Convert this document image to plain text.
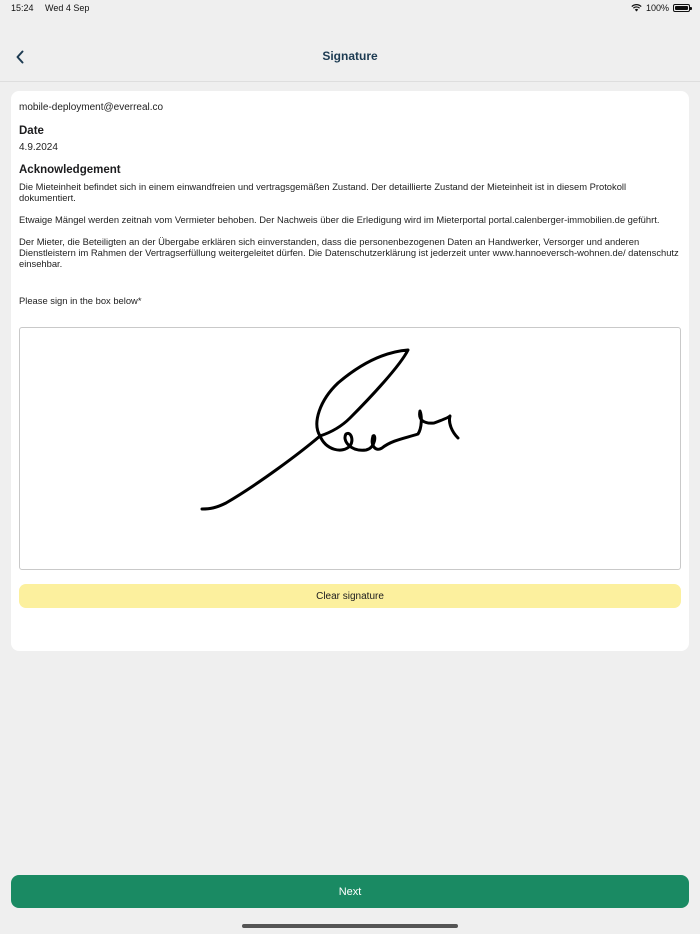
15:24 Wed 4 Sep	100%
Signature
mobile-deployment@everreal.co
Date
4.9.2024
Acknowledgement

Die Mieteinheit befindet sich in einem einwandfreien und vertragsgemäßen Zustand. Der detaillierte Zustand der Mieteinheit ist in diesem Protokoll dokumentiert.

Etwaige Mängel werden zeitnah vom Vermieter behoben. Der Nachweis über die Erledigung wird im Mieterportal portal.calenberger-immobilien.de geführt.

Der Mieter, die Beteiligten an der Übergabe erklären sich einverstanden, dass die personenbezogenen Daten an Handwerker, Versorger und anderen Dienstleistern im Rahmen der Vertragserfüllung weitergeleitet dürfen. Die Datenschutzerklärung ist jederzeit unter www.hannoeversch-wohnen.de/ datenschutz einsehbar.

Please sign in the box below*
Clear signature
Next
